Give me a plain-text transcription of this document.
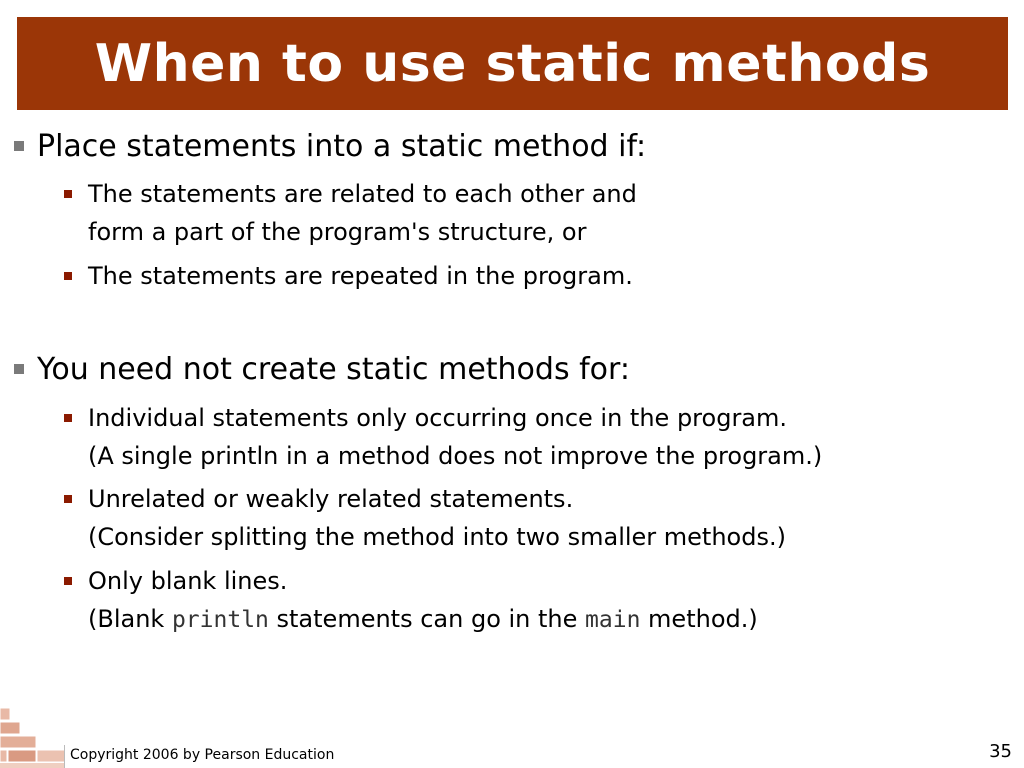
When to use static methods
Place statements into a static method if:
The statements are related to each other and
form a part of the program's structure, or
The statements are repeated in the program.
You need not create static methods for:
Individual statements only occurring once in the program.
(A single println in a method does not improve the program.)
Unrelated or weakly related statements.
(Consider splitting the method into two smaller methods.)
Only blank lines.
(Blank println statements can go in the main method.)
Copyright 2006 by Pearson Education	35
